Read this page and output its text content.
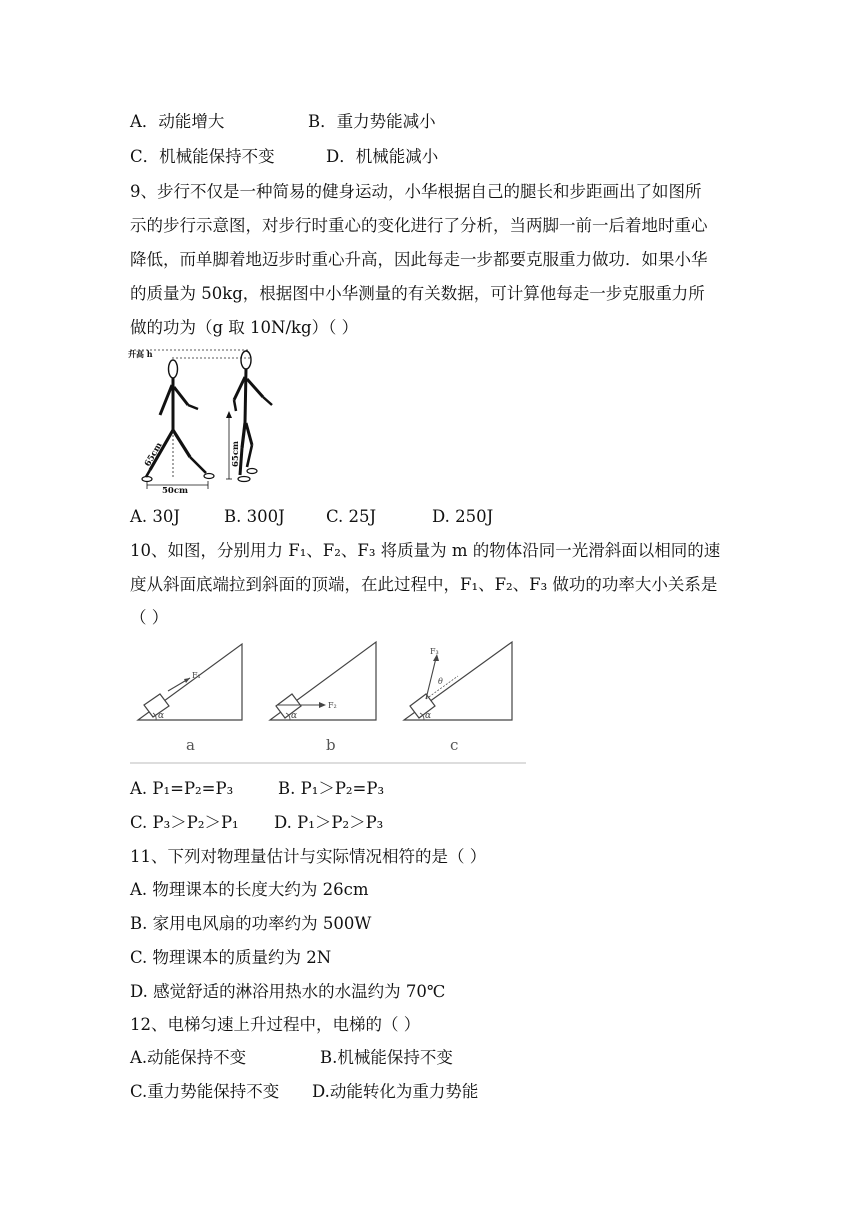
A．动能增大	B．重力势能减小
C．机械能保持不变	D．机械能减小
9、步行不仅是一种简易的健身运动，小华根据自己的腿长和步距画出了如图所
示的步行示意图，对步行时重心的变化进行了分析，当两脚一前一后着地时重心
降低，而单脚着地迈步时重心升高，因此每走一步都要克服重力做功．如果小华
的质量为 50kg，根据图中小华测量的有关数据，可计算他每走一步克服重力所
做的功为（g 取 10N/kg）（ ）
升高 h
65cm	65cm
50cm
A. 30J	B. 300J	C. 25J	D. 250J
10、如图，分别用力 F₁、F₂、F₃ 将质量为 m 的物体沿同一光滑斜面以相同的速
度从斜面底端拉到斜面的顶端，在此过程中，F₁、F₂、F₃ 做功的功率大小关系是
（ ）
F₁
α
a
F₂
α
b
F₃
θ
α
c
A. P₁=P₂=P₃	B. P₁＞P₂=P₃
C. P₃＞P₂＞P₁ D. P₁＞P₂＞P₃
11、下列对物理量估计与实际情况相符的是（ ）
A. 物理课本的长度大约为 26cm
B. 家用电风扇的功率约为 500W
C. 物理课本的质量约为 2N
D. 感觉舒适的淋浴用热水的水温约为 70℃
12、电梯匀速上升过程中，电梯的（ ）
A.动能保持不变	B.机械能保持不变
C.重力势能保持不变 D.动能转化为重力势能
